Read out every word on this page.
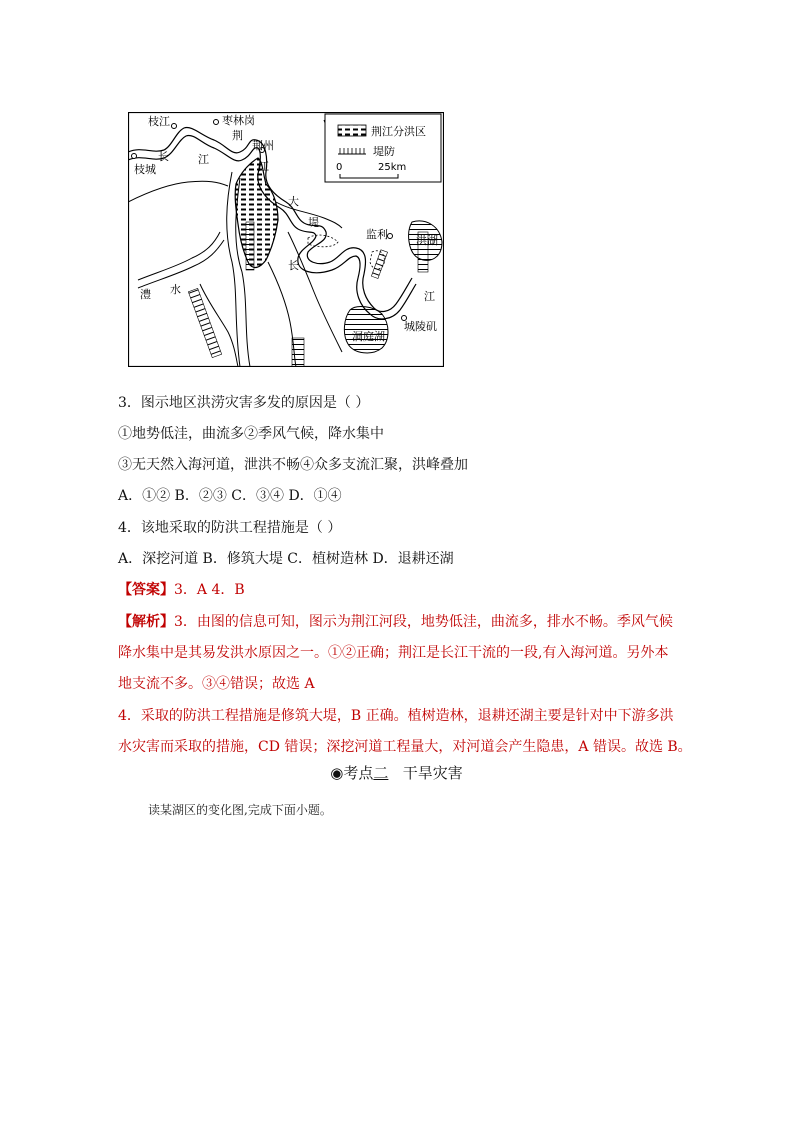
荆江分洪区
堤防
0	25km
枝江	枣林岗
荆
荆州
长	江
江
枝城
大
堤
监利	洪湖
长
澧 水
江
城陵矶
洞庭湖
3．图示地区洪涝灾害多发的原因是（ ）
①地势低洼，曲流多②季风气候，降水集中
③无天然入海河道，泄洪不畅④众多支流汇聚，洪峰叠加
A．①② B．②③ C．③④ D．①④
4．该地采取的防洪工程措施是（ ）
A．深挖河道 B．修筑大堤 C．植树造林 D．退耕还湖
【答案】3．A 4．B
【解析】3．由图的信息可知，图示为荆江河段，地势低洼，曲流多，排水不畅。季风气候
降水集中是其易发洪水原因之一。①②正确；荆江是长江干流的一段,有入海河道。另外本
地支流不多。③④错误；故选 A
4．采取的防洪工程措施是修筑大堤，B 正确。植树造林，退耕还湖主要是针对中下游多洪
水灾害而采取的措施，CD 错误；深挖河道工程量大，对河道会产生隐患，A 错误。故选 B。
◉考点二 干旱灾害
读某湖区的变化图,完成下面小题。
